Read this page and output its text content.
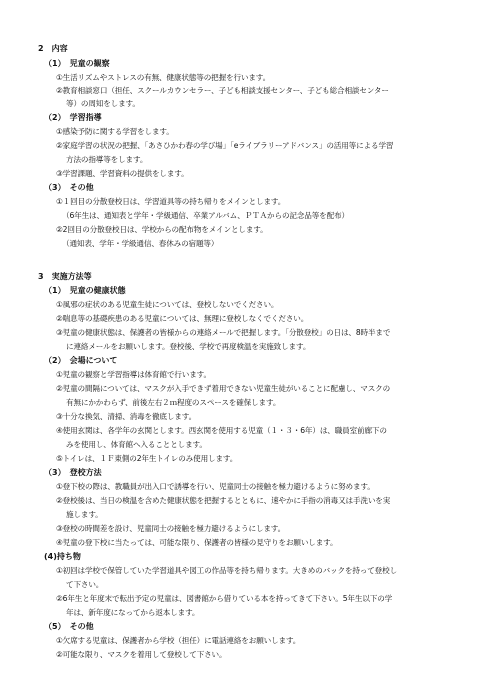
2　内容
（1）　児童の観察
①生活リズムやストレスの有無、健康状態等の把握を行います。
②教育相談窓口（担任、スクールカウンセラー、子ども相談支援センター、子ども総合相談センター
等）の周知をします。
（2）　学習指導
①感染予防に関する学習をします。
②家庭学習の状況の把握、「あさひかわ春の学び場」「eライブラリーアドバンス」の活用等による学習
方法の指導等をします。
③学習課題、学習資料の提供をします。
（3）　その他
①１回目の分散登校日は、学習道具等の持ち帰りをメインとします。
（6年生は、通知表と学年・学級通信、卒業アルバム、ＰＴＡからの記念品等を配布）
②2回目の分散登校日は、学校からの配布物をメインとします。
（通知表、学年・学級通信、春休みの宿題等）
3　実施方法等
（1）　児童の健康状態
①風邪の症状のある児童生徒については、登校しないでください。
②喘息等の基礎疾患のある児童については、無理に登校しなくでください。
③児童の健康状態は、保護者の皆様からの連絡メールで把握します。「分散登校」の日は、8時半まで
に連絡メールをお願いします。登校後、学校で再度検温を実施致します。
（2）　会場について
①児童の観察と学習指導は体育館で行います。
②児童の間隔については、マスクが入手できず着用できない児童生徒がいることに配慮し、マスクの
有無にかかわらず、前後左右２ｍ程度のスペースを確保します。
③十分な換気、清掃、消毒を徹底します。
④使用玄関は、各学年の玄関とします。西玄関を使用する児童（１・３・6年）は、職員室前廊下の
みを使用し、体育館へ入ることとします。
⑤トイレは、１Ｆ東側の2年生トイレのみ使用します。
（3）　登校方法
①登下校の際は、教職員が出入口で誘導を行い、児童同士の接触を極力避けるように努めます。
②登校後は、当日の検温を含めた健康状態を把握するとともに、速やかに手指の消毒又は手洗いを実
施します。
③登校の時間差を設け、児童同士の接触を極力避けるようにします。
④児童の登下校に当たっては、可能な限り、保護者の皆様の見守りをお願いします。
(4)持ち物
①初回は学校で保管していた学習道具や図工の作品等を持ち帰ります。大きめのバックを持って登校し
て下さい。
②6年生と年度末で転出予定の児童は、図書館から借りている本を持ってきて下さい。5年生以下の学
年は、新年度になってから返本します。
（5）　その他
①欠席する児童は、保護者から学校（担任）に電話連絡をお願いします。
②可能な限り、マスクを着用して登校して下さい。
